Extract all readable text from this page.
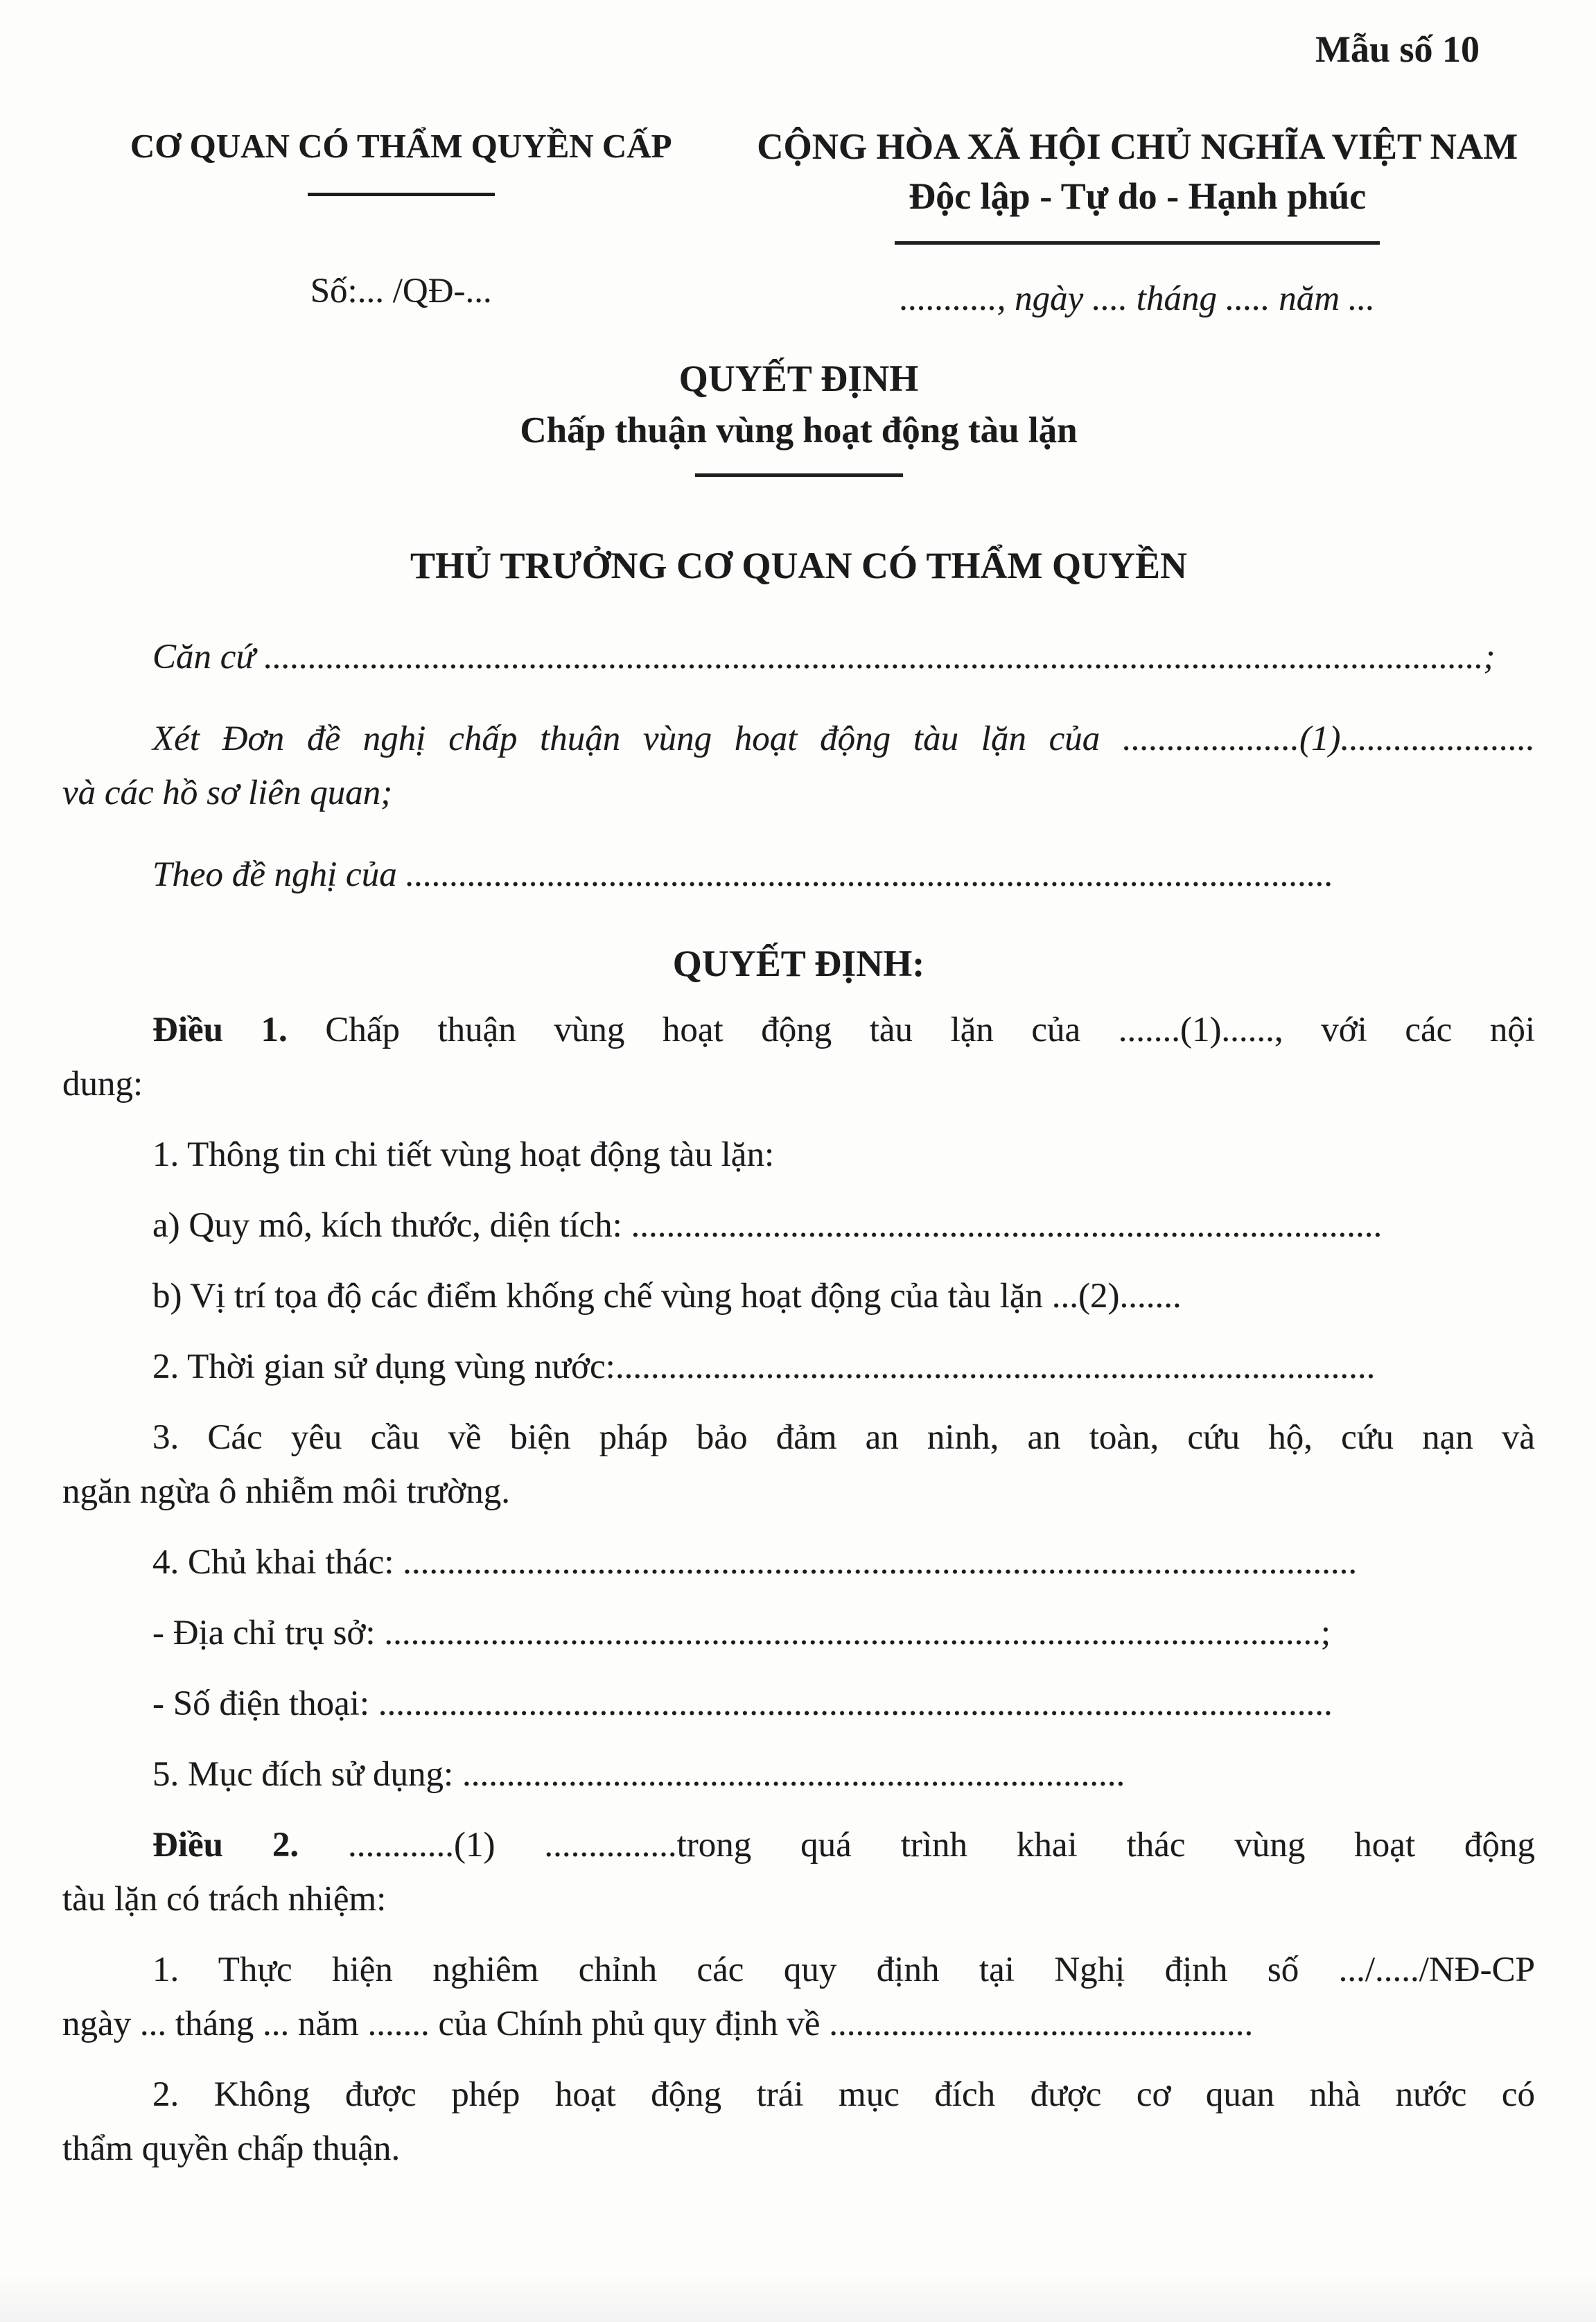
Mẫu số 10
CƠ QUAN CÓ THẨM QUYỀN CẤP
Số:... /QĐ-...
CỘNG HÒA XÃ HỘI CHỦ NGHĨA VIỆT NAM
Độc lập - Tự do - Hạnh phúc
..........., ngày .... tháng ..... năm ...
QUYẾT ĐỊNH
Chấp thuận vùng hoạt động tàu lặn
THỦ TRƯỞNG CƠ QUAN CÓ THẨM QUYỀN
Căn cứ ..........................................................................................................................................;
Xét Đơn đề nghị chấp thuận vùng hoạt động tàu lặn của ....................(1)......................
và các hồ sơ liên quan;
Theo đề nghị của .........................................................................................................
QUYẾT ĐỊNH:
Điều 1. Chấp thuận vùng hoạt động tàu lặn của .......(1)......, với các nội
dung:
1. Thông tin chi tiết vùng hoạt động tàu lặn:
a) Quy mô, kích thước, diện tích: .....................................................................................
b) Vị trí tọa độ các điểm khống chế vùng hoạt động của tàu lặn ...(2).......
2. Thời gian sử dụng vùng nước:......................................................................................
3. Các yêu cầu về biện pháp bảo đảm an ninh, an toàn, cứu hộ, cứu nạn và
ngăn ngừa ô nhiễm môi trường.
4. Chủ khai thác: ............................................................................................................
- Địa chỉ trụ sở: ..........................................................................................................;
- Số điện thoại: ............................................................................................................
5. Mục đích sử dụng: ...........................................................................
Điều 2. ............(1) ...............trong quá trình khai thác vùng hoạt động
tàu lặn có trách nhiệm:
1. Thực hiện nghiêm chỉnh các quy định tại Nghị định số .../...../NĐ-CP
ngày ... tháng ... năm ....... của Chính phủ quy định về ................................................
2. Không được phép hoạt động trái mục đích được cơ quan nhà nước có
thẩm quyền chấp thuận.
